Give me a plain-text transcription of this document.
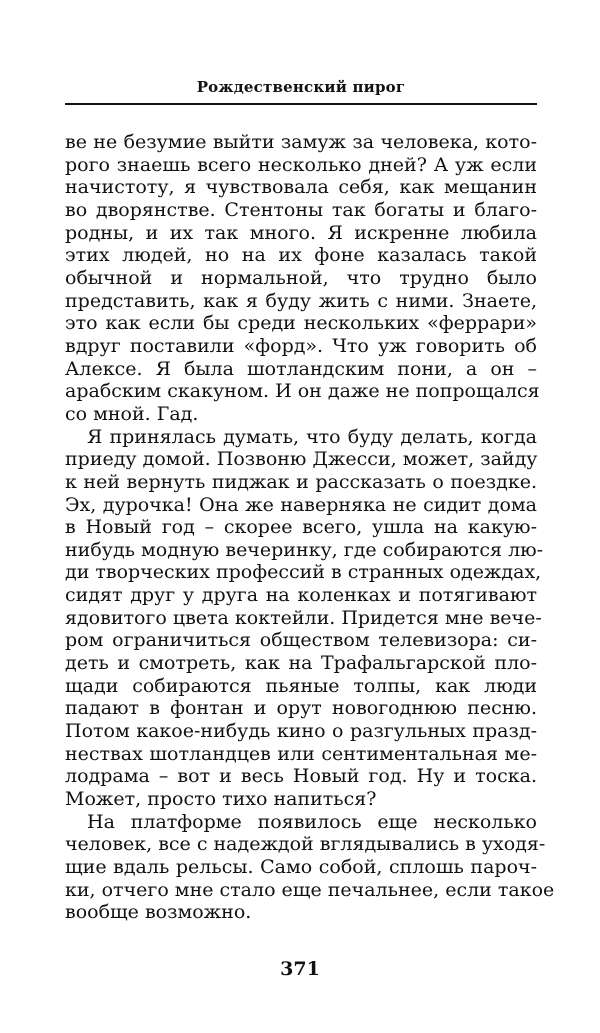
Рождественский пирог
ве не безумие выйти замуж за человека, кото-
рого знаешь всего несколько дней? А уж если
начистоту, я чувствовала себя, как мещанин
во дворянстве. Стентоны так богаты и благо-
родны, и их так много. Я искренне любила
этих людей, но на их фоне казалась такой
обычной и нормальной, что трудно было
представить, как я буду жить с ними. Знаете,
это как если бы среди нескольких «феррари»
вдруг поставили «форд». Что уж говорить об
Алексе. Я была шотландским пони, а он –
арабским скакуном. И он даже не попрощался
со мной. Гад.
Я принялась думать, что буду делать, когда
приеду домой. Позвоню Джесси, может, зайду
к ней вернуть пиджак и рассказать о поездке.
Эх, дурочка! Она же наверняка не сидит дома
в Новый год – скорее всего, ушла на какую-
нибудь модную вечеринку, где собираются лю-
ди творческих профессий в странных одеждах,
сидят друг у друга на коленках и потягивают
ядовитого цвета коктейли. Придется мне вече-
ром ограничиться обществом телевизора: си-
деть и смотреть, как на Трафальгарской пло-
щади собираются пьяные толпы, как люди
падают в фонтан и орут новогоднюю песню.
Потом какое-нибудь кино о разгульных празд-
нествах шотландцев или сентиментальная ме-
лодрама – вот и весь Новый год. Ну и тоска.
Может, просто тихо напиться?
На платформе появилось еще несколько
человек, все с надеждой вглядывались в уходя-
щие вдаль рельсы. Само собой, сплошь пароч-
ки, отчего мне стало еще печальнее, если такое
вообще возможно.
371
